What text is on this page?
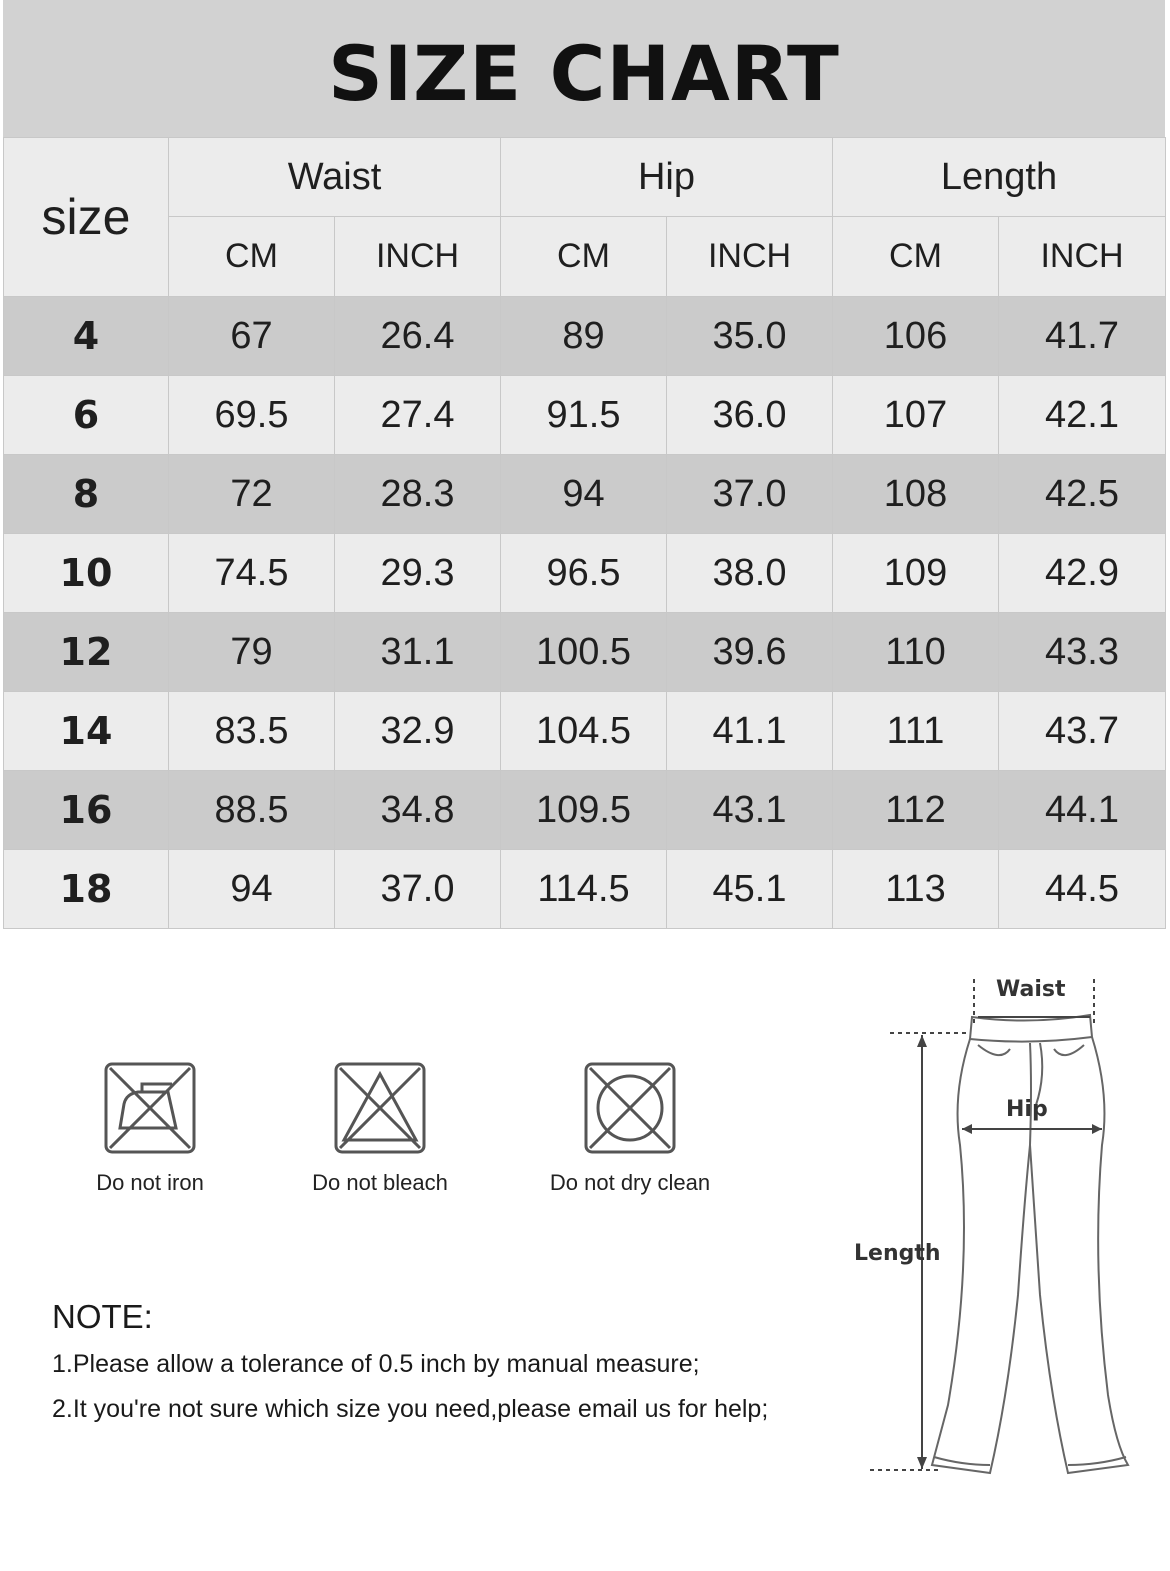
SIZE CHART
size	Waist		Hip		Length	
	CM	INCH	CM	INCH	CM	INCH
4	67	26.4	89	35.0	106	41.7
6	69.5	27.4	91.5	36.0	107	42.1
8	72	28.3	94	37.0	108	42.5
10	74.5	29.3	96.5	38.0	109	42.9
12	79	31.1	100.5	39.6	110	43.3
14	83.5	32.9	104.5	41.1	111	43.7
16	88.5	34.8	109.5	43.1	112	44.1
18	94	37.0	114.5	45.1	113	44.5
Do not iron	Do not bleach	Do not dry clean
NOTE:
1.Please allow a tolerance of 0.5 inch by manual measure;
2.It you're not sure which size you need,please email us for help;
Waist
Hip
Length
